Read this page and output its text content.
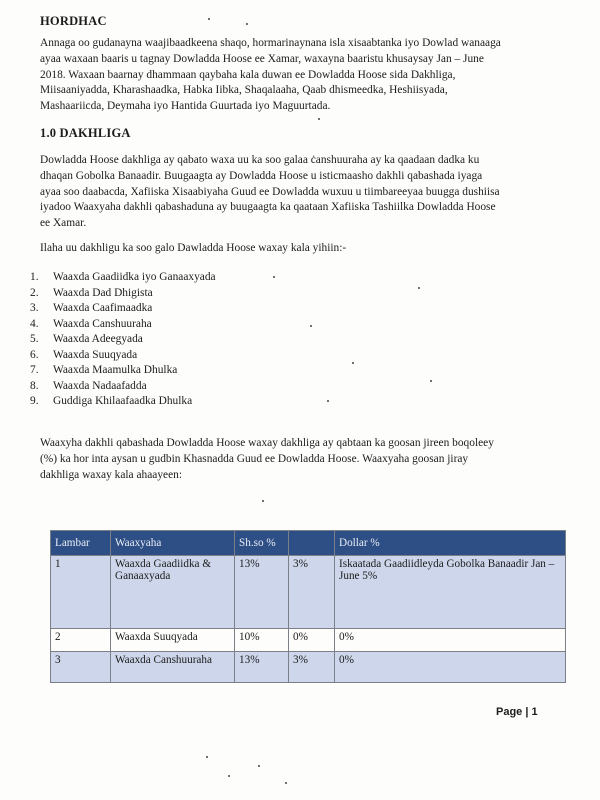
HORDHAC
Annaga oo gudanayna waajibaadkeena shaqo, hormarinaynana isla xisaabtanka iyo Dowlad wanaaga
ayaa waxaan baaris u tagnay Dowladda Hoose ee Xamar, waxayna baaristu khusaysay Jan – June
2018. Waxaan baarnay dhammaan qaybaha kala duwan ee Dowladda Hoose sida Dakhliga,
Miisaaniyadda, Kharashaadka, Habka Iibka, Shaqalaaha, Qaab dhismeedka, Heshiisyada,
Mashaariicda, Deymaha iyo Hantida Guurtada iyo Maguurtada.
1.0 DAKHLIGA
Dowladda Hoose dakhliga ay qabato waxa uu ka soo galaa ċanshuuraha ay ka qaadaan dadka ku
dhaqan Gobolka Banaadir. Buugaagta ay Dowladda Hoose u isticmaasho dakhli qabashada iyaga
ayaa soo daabacda, Xafiiska Xisaabiyaha Guud ee Dowladda wuxuu u tiimbareeyaa buugga dushiisa
iyadoo Waaxyaha dakhli qabashaduna ay buugaagta ka qaataan Xafiiska Tashiilka Dowladda Hoose
ee Xamar.
Ilaha uu dakhligu ka soo galo Dawladda Hoose waxay kala yihiin:-
1. Waaxda Gaadiidka iyo Ganaaxyada
2. Waaxda Dad Dhigista
3. Waaxda Caafimaadka
4. Waaxda Canshuuraha
5. Waaxda Adeegyada
6. Waaxda Suuqyada
7. Waaxda Maamulka Dhulka
8. Waaxda Nadaafadda
9. Guddiga Khilaafaadka Dhulka
Waaxyha dakhli qabashada Dowladda Hoose waxay dakhliga ay qabtaan ka goosan jireen boqoleey
(%) ka hor inta aysan u gudbin Khasnadda Guud ee Dowladda Hoose. Waaxyaha goosan jiray
dakhliga waxay kala ahaayeen:
Lambar	Waaxyaha	Sh.so %		Dollar %
1	Waaxda Gaadiidka & Ganaaxyada	13%	3%	Iskaatada Gaadiidleyda Gobolka Banaadir Jan – June 5%
2	Waaxda Suuqyada	10%	0%	0%
3	Waaxda Canshuuraha	13%	3%	0%
Page | 1
